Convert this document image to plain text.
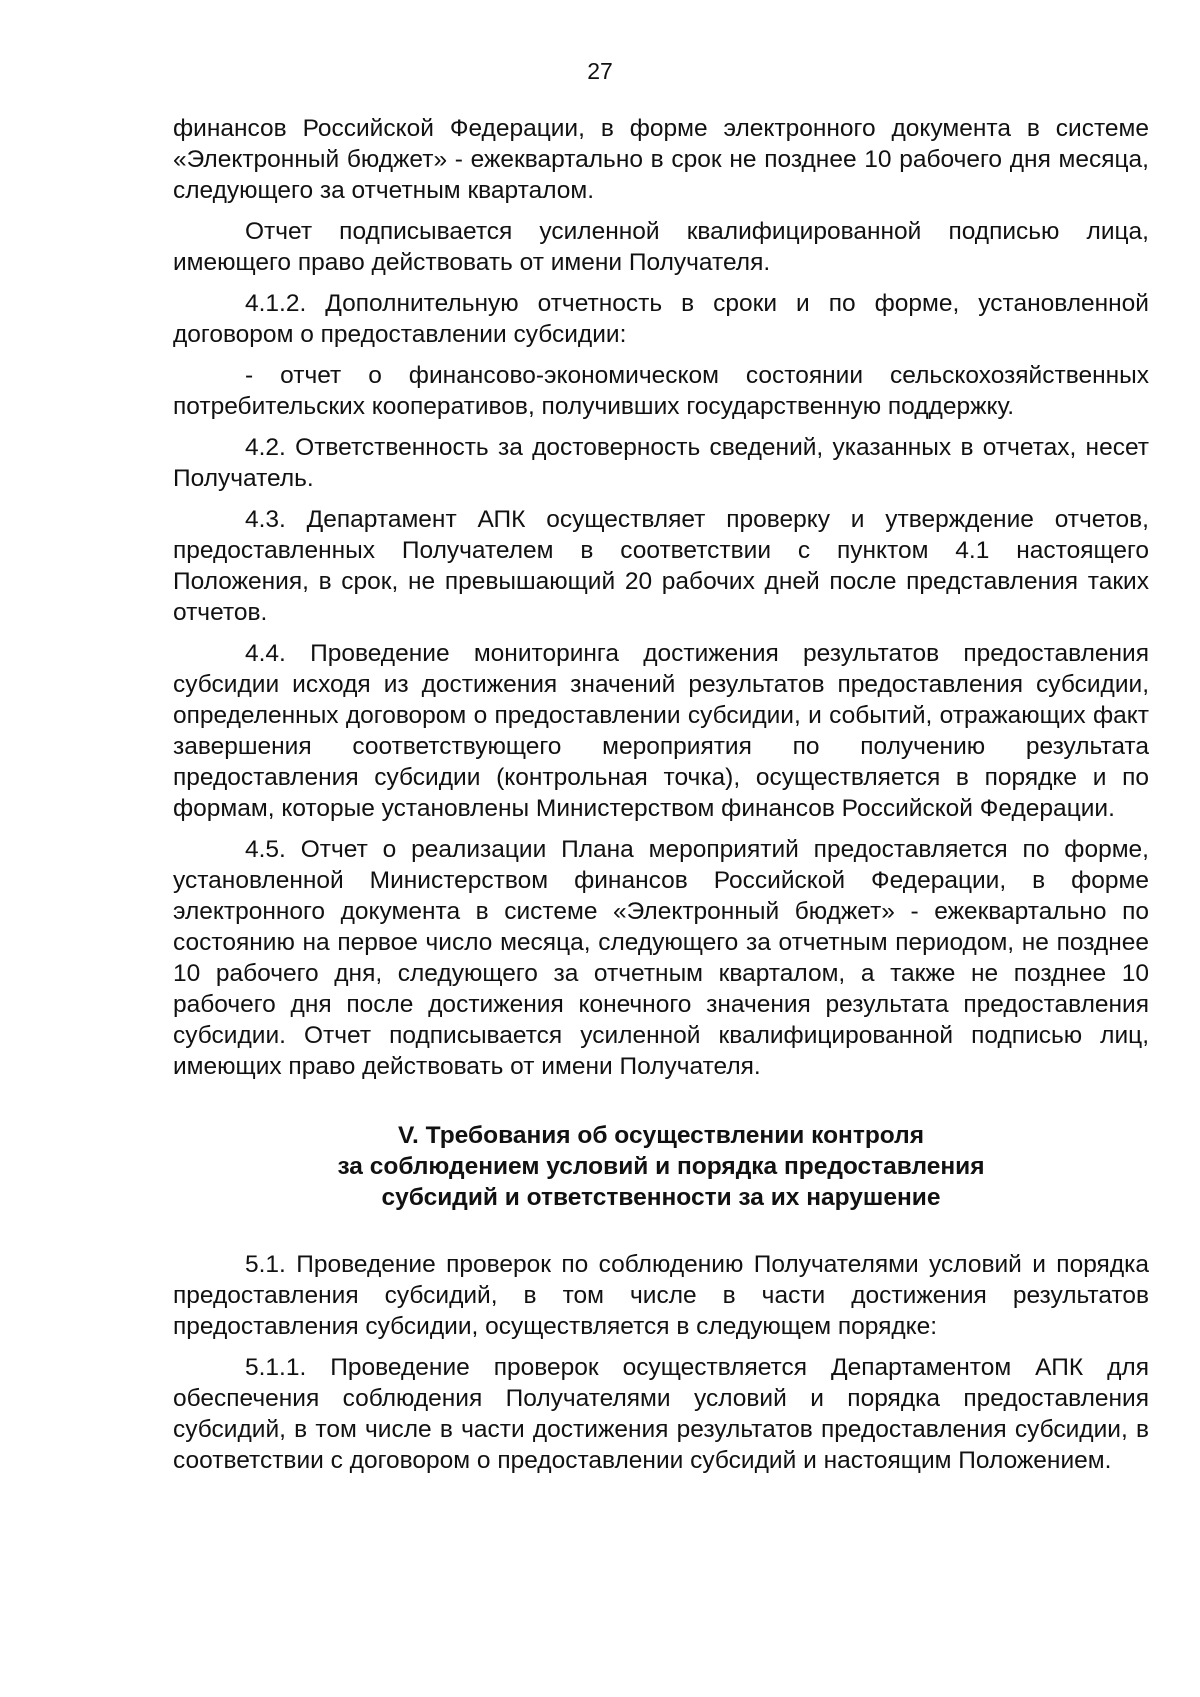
27

финансов Российской Федерации, в форме электронного документа в системе «Электронный бюджет» - ежеквартально в срок не позднее 10 рабочего дня месяца, следующего за отчетным кварталом.

Отчет подписывается усиленной квалифицированной подписью лица, имеющего право действовать от имени Получателя.

4.1.2. Дополнительную отчетность в сроки и по форме, установленной договором о предоставлении субсидии:

- отчет о финансово-экономическом состоянии сельскохозяйственных потребительских кооперативов, получивших государственную поддержку.

4.2. Ответственность за достоверность сведений, указанных в отчетах, несет Получатель.

4.3. Департамент АПК осуществляет проверку и утверждение отчетов, предоставленных Получателем в соответствии с пунктом 4.1 настоящего Положения, в срок, не превышающий 20 рабочих дней после представления таких отчетов.

4.4. Проведение мониторинга достижения результатов предоставления субсидии исходя из достижения значений результатов предоставления субсидии, определенных договором о предоставлении субсидии, и событий, отражающих факт завершения соответствующего мероприятия по получению результата предоставления субсидии (контрольная точка), осуществляется в порядке и по формам, которые установлены Министерством финансов Российской Федерации.

4.5. Отчет о реализации Плана мероприятий предоставляется по форме, установленной Министерством финансов Российской Федерации, в форме электронного документа в системе «Электронный бюджет» - ежеквартально по состоянию на первое число месяца, следующего за отчетным периодом, не позднее 10 рабочего дня, следующего за отчетным кварталом, а также не позднее 10 рабочего дня после достижения конечного значения результата предоставления субсидии. Отчет подписывается усиленной квалифицированной подписью лиц, имеющих право действовать от имени Получателя.

V. Требования об осуществлении контроля
за соблюдением условий и порядка предоставления
субсидий и ответственности за их нарушение

5.1. Проведение проверок по соблюдению Получателями условий и порядка предоставления субсидий, в том числе в части достижения результатов предоставления субсидии, осуществляется в следующем порядке:

5.1.1. Проведение проверок осуществляется Департаментом АПК для обеспечения соблюдения Получателями условий и порядка предоставления субсидий, в том числе в части достижения результатов предоставления субсидии, в соответствии с договором о предоставлении субсидий и настоящим Положением.
